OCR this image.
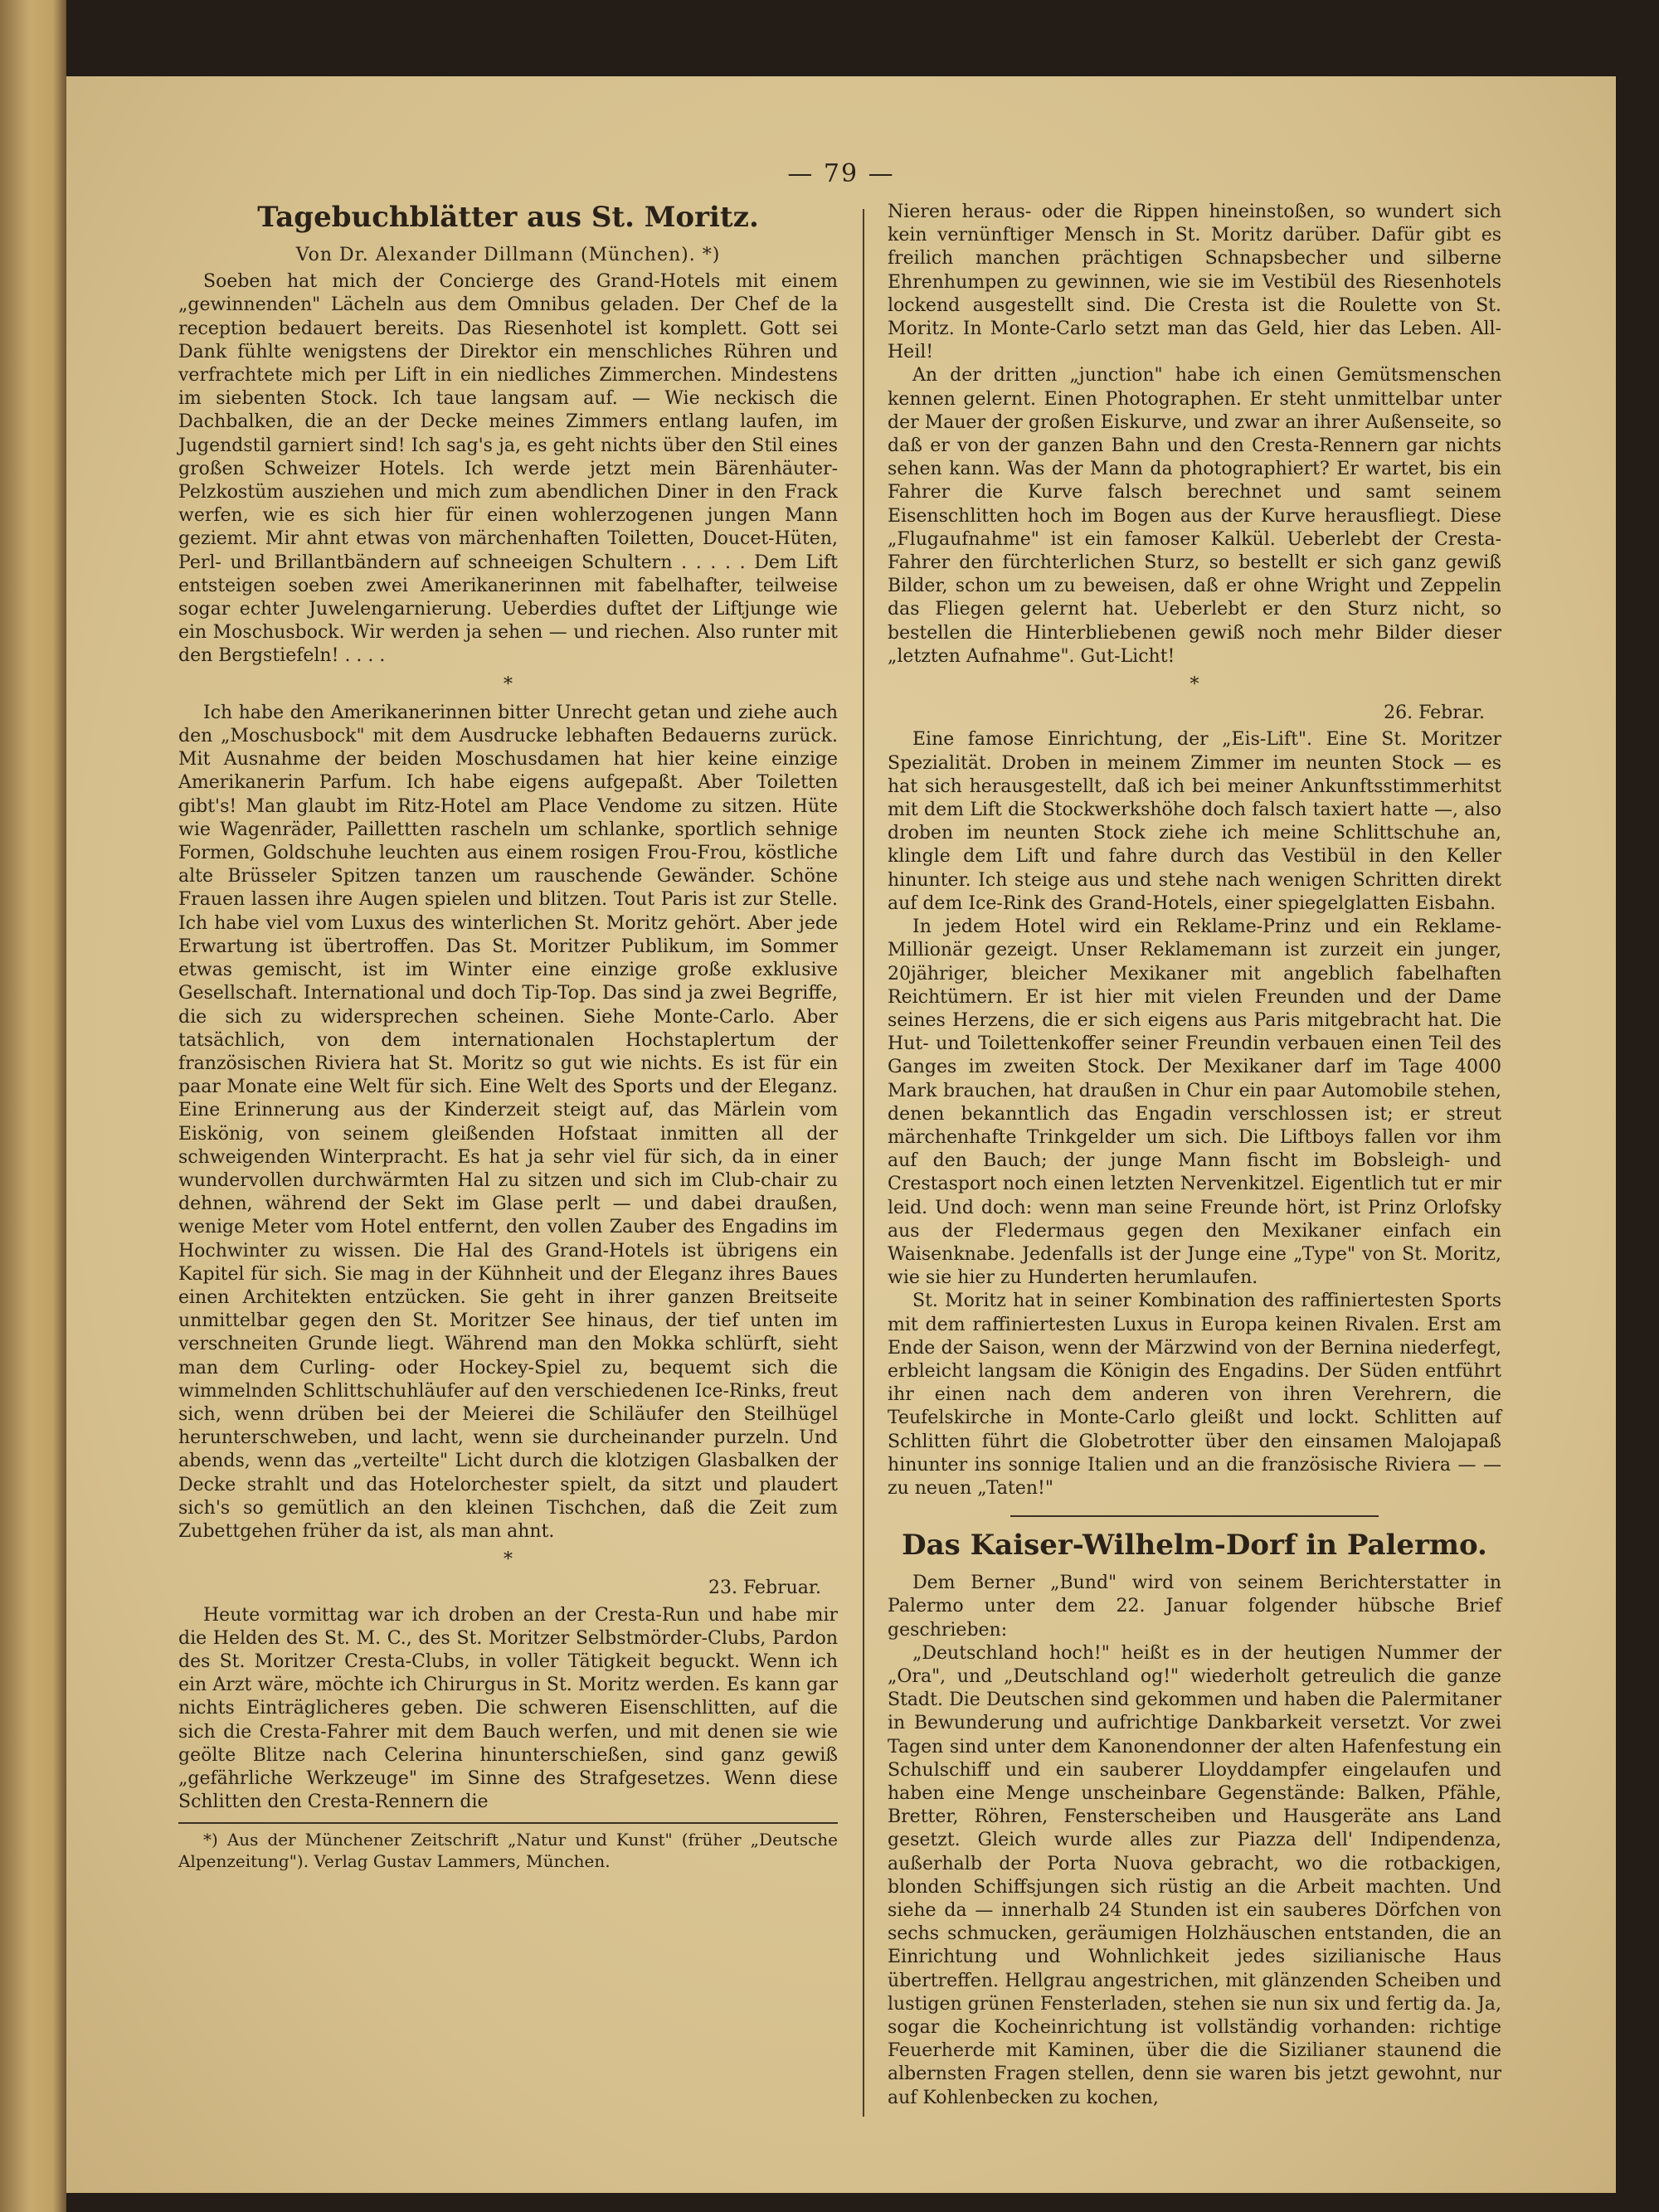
— 79 —
Tagebuchblätter aus St. Moritz.
Von Dr. Alexander Dillmann (München). *)

Soeben hat mich der Concierge des Grand-Hotels mit einem „gewinnenden" Lächeln aus dem Omnibus geladen. Der Chef de la reception bedauert bereits. Das Riesenhotel ist komplett. Gott sei Dank fühlte wenigstens der Direktor ein menschliches Rühren und verfrachtete mich per Lift in ein niedliches Zimmerchen. Mindestens im siebenten Stock. Ich taue langsam auf. — Wie neckisch die Dachbalken, die an der Decke meines Zimmers entlang laufen, im Jugendstil garniert sind! Ich sag's ja, es geht nichts über den Stil eines großen Schweizer Hotels. Ich werde jetzt mein Bärenhäuter-Pelzkostüm ausziehen und mich zum abendlichen Diner in den Frack werfen, wie es sich hier für einen wohlerzogenen jungen Mann geziemt. Mir ahnt etwas von märchenhaften Toiletten, Doucet-Hüten, Perl- und Brillantbändern auf schneeigen Schultern . . . . . Dem Lift entsteigen soeben zwei Amerikanerinnen mit fabelhafter, teilweise sogar echter Juwelengarnierung. Ueberdies duftet der Liftjunge wie ein Moschusbock. Wir werden ja sehen — und riechen. Also runter mit den Bergstiefeln! . . . .

*

Ich habe den Amerikanerinnen bitter Unrecht getan und ziehe auch den „Moschusbock" mit dem Ausdrucke lebhaften Bedauerns zurück. Mit Ausnahme der beiden Moschusdamen hat hier keine einzige Amerikanerin Parfum. Ich habe eigens aufgepaßt. Aber Toiletten gibt's! Man glaubt im Ritz-Hotel am Place Vendome zu sitzen. Hüte wie Wagenräder, Paillettten rascheln um schlanke, sportlich sehnige Formen, Goldschuhe leuchten aus einem rosigen Frou-Frou, köstliche alte Brüsseler Spitzen tanzen um rauschende Gewänder. Schöne Frauen lassen ihre Augen spielen und blitzen. Tout Paris ist zur Stelle. Ich habe viel vom Luxus des winterlichen St. Moritz gehört. Aber jede Erwartung ist übertroffen. Das St. Moritzer Publikum, im Sommer etwas gemischt, ist im Winter eine einzige große exklusive Gesellschaft. International und doch Tip-Top. Das sind ja zwei Begriffe, die sich zu widersprechen scheinen. Siehe Monte-Carlo. Aber tatsächlich, von dem internationalen Hochstaplertum der französischen Riviera hat St. Moritz so gut wie nichts. Es ist für ein paar Monate eine Welt für sich. Eine Welt des Sports und der Eleganz. Eine Erinnerung aus der Kinderzeit steigt auf, das Märlein vom Eiskönig, von seinem gleißenden Hofstaat inmitten all der schweigenden Winterpracht. Es hat ja sehr viel für sich, da in einer wundervollen durchwärmten Hal zu sitzen und sich im Club-chair zu dehnen, während der Sekt im Glase perlt — und dabei draußen, wenige Meter vom Hotel entfernt, den vollen Zauber des Engadins im Hochwinter zu wissen. Die Hal des Grand-Hotels ist übrigens ein Kapitel für sich. Sie mag in der Kühnheit und der Eleganz ihres Baues einen Architekten entzücken. Sie geht in ihrer ganzen Breitseite unmittelbar gegen den St. Moritzer See hinaus, der tief unten im verschneiten Grunde liegt. Während man den Mokka schlürft, sieht man dem Curling- oder Hockey-Spiel zu, bequemt sich die wimmelnden Schlittschuhläufer auf den verschiedenen Ice-Rinks, freut sich, wenn drüben bei der Meierei die Schiläufer den Steilhügel herunterschweben, und lacht, wenn sie durcheinander purzeln. Und abends, wenn das „verteilte" Licht durch die klotzigen Glasbalken der Decke strahlt und das Hotelorchester spielt, da sitzt und plaudert sich's so gemütlich an den kleinen Tischchen, daß die Zeit zum Zubettgehen früher da ist, als man ahnt.

*
23. Februar.

Heute vormittag war ich droben an der Cresta-Run und habe mir die Helden des St. M. C., des St. Moritzer Selbstmörder-Clubs, Pardon des St. Moritzer Cresta-Clubs, in voller Tätigkeit beguckt. Wenn ich ein Arzt wäre, möchte ich Chirurgus in St. Moritz werden. Es kann gar nichts Einträglicheres geben. Die schweren Eisenschlitten, auf die sich die Cresta-Fahrer mit dem Bauch werfen, und mit denen sie wie geölte Blitze nach Celerina hinunterschießen, sind ganz gewiß „gefährliche Werkzeuge" im Sinne des Strafgesetzes. Wenn diese Schlitten den Cresta-Rennern die

*) Aus der Münchener Zeitschrift „Natur und Kunst" (früher „Deutsche Alpenzeitung"). Verlag Gustav Lammers, München.

Nieren heraus- oder die Rippen hineinstoßen, so wundert sich kein vernünftiger Mensch in St. Moritz darüber. Dafür gibt es freilich manchen prächtigen Schnapsbecher und silberne Ehrenhumpen zu gewinnen, wie sie im Vestibül des Riesenhotels lockend ausgestellt sind. Die Cresta ist die Roulette von St. Moritz. In Monte-Carlo setzt man das Geld, hier das Leben. All-Heil!

An der dritten „junction" habe ich einen Gemütsmenschen kennen gelernt. Einen Photographen. Er steht unmittelbar unter der Mauer der großen Eiskurve, und zwar an ihrer Außenseite, so daß er von der ganzen Bahn und den Cresta-Rennern gar nichts sehen kann. Was der Mann da photographiert? Er wartet, bis ein Fahrer die Kurve falsch berechnet und samt seinem Eisenschlitten hoch im Bogen aus der Kurve herausfliegt. Diese „Flugaufnahme" ist ein famoser Kalkül. Ueberlebt der Cresta-Fahrer den fürchterlichen Sturz, so bestellt er sich ganz gewiß Bilder, schon um zu beweisen, daß er ohne Wright und Zeppelin das Fliegen gelernt hat. Ueberlebt er den Sturz nicht, so bestellen die Hinterbliebenen gewiß noch mehr Bilder dieser „letzten Aufnahme". Gut-Licht!

*
26. Febrar.

Eine famose Einrichtung, der „Eis-Lift". Eine St. Moritzer Spezialität. Droben in meinem Zimmer im neunten Stock — es hat sich herausgestellt, daß ich bei meiner Ankunftsstimmerhitst mit dem Lift die Stockwerkshöhe doch falsch taxiert hatte —, also droben im neunten Stock ziehe ich meine Schlittschuhe an, klingle dem Lift und fahre durch das Vestibül in den Keller hinunter. Ich steige aus und stehe nach wenigen Schritten direkt auf dem Ice-Rink des Grand-Hotels, einer spiegelglatten Eisbahn.

In jedem Hotel wird ein Reklame-Prinz und ein Reklame-Millionär gezeigt. Unser Reklamemann ist zurzeit ein junger, 20jähriger, bleicher Mexikaner mit angeblich fabelhaften Reichtümern. Er ist hier mit vielen Freunden und der Dame seines Herzens, die er sich eigens aus Paris mitgebracht hat. Die Hut- und Toilettenkoffer seiner Freundin verbauen einen Teil des Ganges im zweiten Stock. Der Mexikaner darf im Tage 4000 Mark brauchen, hat draußen in Chur ein paar Automobile stehen, denen bekanntlich das Engadin verschlossen ist; er streut märchenhafte Trinkgelder um sich. Die Liftboys fallen vor ihm auf den Bauch; der junge Mann fischt im Bobsleigh- und Crestasport noch einen letzten Nervenkitzel. Eigentlich tut er mir leid. Und doch: wenn man seine Freunde hört, ist Prinz Orlofsky aus der Fledermaus gegen den Mexikaner einfach ein Waisenknabe. Jedenfalls ist der Junge eine „Type" von St. Moritz, wie sie hier zu Hunderten herumlaufen.

St. Moritz hat in seiner Kombination des raffiniertesten Sports mit dem raffiniertesten Luxus in Europa keinen Rivalen. Erst am Ende der Saison, wenn der Märzwind von der Bernina niederfegt, erbleicht langsam die Königin des Engadins. Der Süden entführt ihr einen nach dem anderen von ihren Verehrern, die Teufelskirche in Monte-Carlo gleißt und lockt. Schlitten auf Schlitten führt die Globetrotter über den einsamen Malojapaß hinunter ins sonnige Italien und an die französische Riviera — — zu neuen „Taten!"

Das Kaiser-Wilhelm-Dorf in Palermo.

Dem Berner „Bund" wird von seinem Berichterstatter in Palermo unter dem 22. Januar folgender hübsche Brief geschrieben:

„Deutschland hoch!" heißt es in der heutigen Nummer der „Ora", und „Deutschland og!" wiederholt getreulich die ganze Stadt. Die Deutschen sind gekommen und haben die Palermitaner in Bewunderung und aufrichtige Dankbarkeit versetzt. Vor zwei Tagen sind unter dem Kanonendonner der alten Hafenfestung ein Schulschiff und ein sauberer Lloyddampfer eingelaufen und haben eine Menge unscheinbare Gegenstände: Balken, Pfähle, Bretter, Röhren, Fensterscheiben und Hausgeräte ans Land gesetzt. Gleich wurde alles zur Piazza dell' Indipendenza, außerhalb der Porta Nuova gebracht, wo die rotbackigen, blonden Schiffsjungen sich rüstig an die Arbeit machten. Und siehe da — innerhalb 24 Stunden ist ein sauberes Dörfchen von sechs schmucken, geräumigen Holzhäuschen entstanden, die an Einrichtung und Wohnlichkeit jedes sizilianische Haus übertreffen. Hellgrau angestrichen, mit glänzenden Scheiben und lustigen grünen Fensterladen, stehen sie nun six und fertig da. Ja, sogar die Kocheinrichtung ist vollständig vorhanden: richtige Feuerherde mit Kaminen, über die die Sizilianer staunend die albernsten Fragen stellen, denn sie waren bis jetzt gewohnt, nur auf Kohlenbecken zu kochen,
